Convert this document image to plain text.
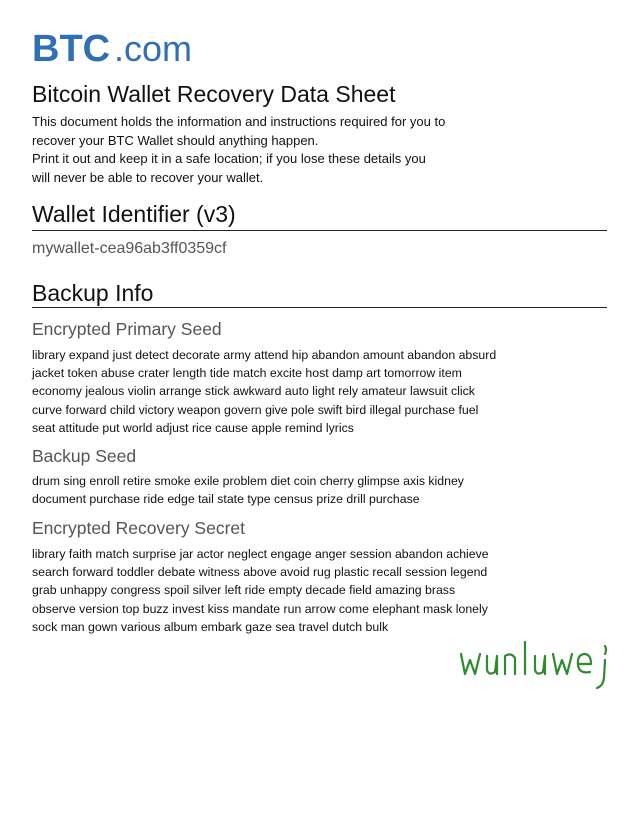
BTC .com
Bitcoin Wallet Recovery Data Sheet

This document holds the information and instructions required for you to

recover your BTC Wallet should anything happen.

Print it out and keep it in a safe location; if you lose these details you

will never be able to recover your wallet.

Wallet Identifier (v3)
mywallet-cea96ab3ff0359cf
Backup Info
Encrypted Primary Seed
library expand just detect decorate army attend hip abandon amount abandon absurd
jacket token abuse crater length tide match excite host damp art tomorrow item
economy jealous violin arrange stick awkward auto light rely amateur lawsuit click
curve forward child victory weapon govern give pole swift bird illegal purchase fuel
seat attitude put world adjust rice cause apple remind lyrics
Backup Seed
drum sing enroll retire smoke exile problem diet coin cherry glimpse axis kidney
document purchase ride edge tail state type census prize drill purchase
Encrypted Recovery Secret
library faith match surprise jar actor neglect engage anger session abandon achieve
search forward toddler debate witness above avoid rug plastic recall session legend
grab unhappy congress spoil silver left ride empty decade field amazing brass
observe version top buzz invest kiss mandate run arrow come elephant mask lonely
sock man gown various album embark gaze sea travel dutch bulk
